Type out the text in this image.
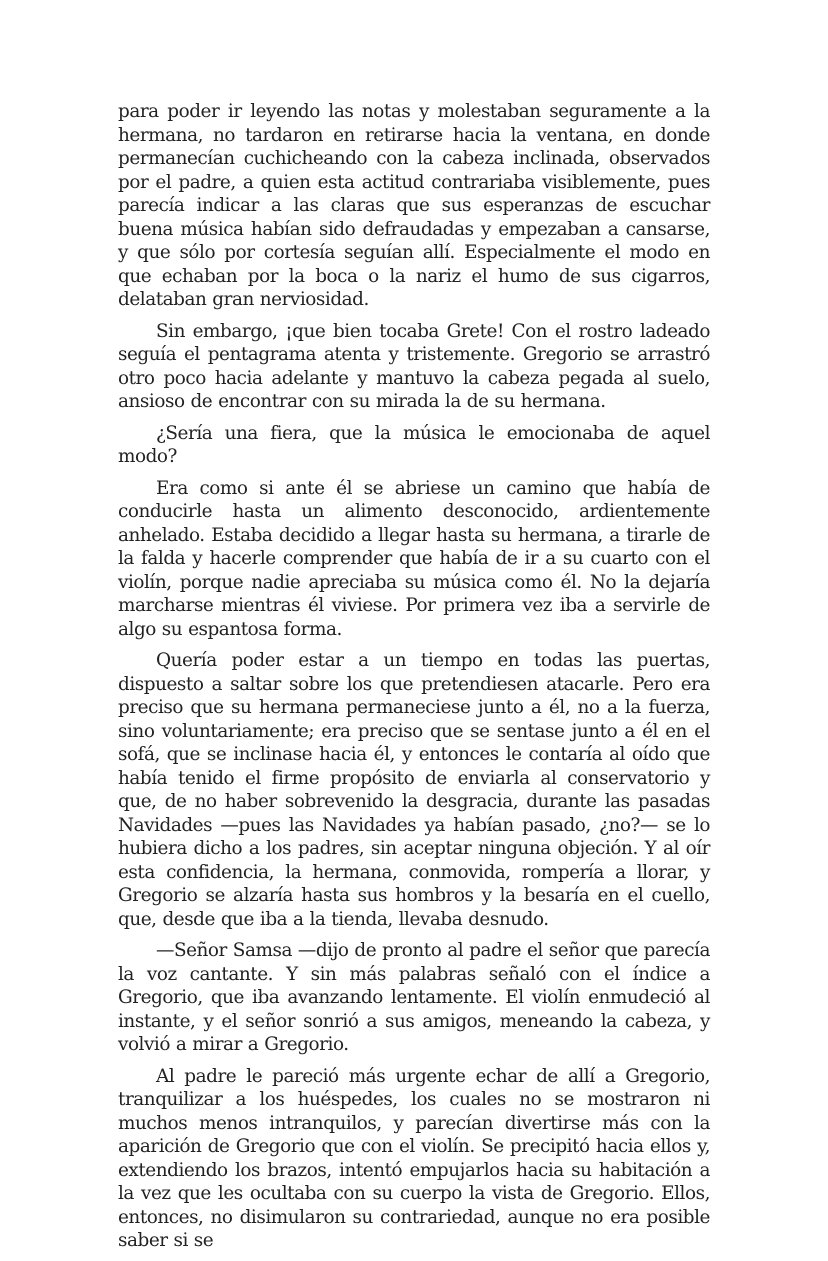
para poder ir leyendo las notas y molestaban seguramente a la hermana, no tardaron en retirarse hacia la ventana, en donde permanecían cuchicheando con la cabeza inclinada, observados por el padre, a quien esta actitud contrariaba visiblemente, pues parecía indicar a las claras que sus esperanzas de escuchar buena música habían sido defraudadas y empezaban a cansarse, y que sólo por cortesía seguían allí. Especialmente el modo en que echaban por la boca o la nariz el humo de sus cigarros, delataban gran nerviosidad.

Sin embargo, ¡que bien tocaba Grete! Con el rostro ladeado seguía el pentagrama atenta y tristemente. Gregorio se arrastró otro poco hacia adelante y mantuvo la cabeza pegada al suelo, ansioso de encontrar con su mirada la de su hermana.

¿Sería una fiera, que la música le emocionaba de aquel modo?

Era como si ante él se abriese un camino que había de conducirle hasta un alimento desconocido, ardientemente anhelado. Estaba decidido a llegar hasta su hermana, a tirarle de la falda y hacerle comprender que había de ir a su cuarto con el violín, porque nadie apreciaba su música como él. No la dejaría marcharse mientras él viviese. Por primera vez iba a servirle de algo su espantosa forma.

Quería poder estar a un tiempo en todas las puertas, dispuesto a saltar sobre los que pretendiesen atacarle. Pero era preciso que su hermana permaneciese junto a él, no a la fuerza, sino voluntariamente; era preciso que se sentase junto a él en el sofá, que se inclinase hacia él, y entonces le contaría al oído que había tenido el firme propósito de enviarla al conservatorio y que, de no haber sobrevenido la desgracia, durante las pasadas Navidades —pues las Navidades ya habían pasado, ¿no?— se lo hubiera dicho a los padres, sin aceptar ninguna objeción. Y al oír esta confidencia, la hermana, conmovida, rompería a llorar, y Gregorio se alzaría hasta sus hombros y la besaría en el cuello, que, desde que iba a la tienda, llevaba desnudo.

—Señor Samsa —dijo de pronto al padre el señor que parecía la voz cantante. Y sin más palabras señaló con el índice a Gregorio, que iba avanzando lentamente. El violín enmudeció al instante, y el señor sonrió a sus amigos, meneando la cabeza, y volvió a mirar a Gregorio.

Al padre le pareció más urgente echar de allí a Gregorio, tranquilizar a los huéspedes, los cuales no se mostraron ni muchos menos intranquilos, y parecían divertirse más con la aparición de Gregorio que con el violín. Se precipitó hacia ellos y, extendiendo los brazos, intentó empujarlos hacia su habitación a la vez que les ocultaba con su cuerpo la vista de Gregorio. Ellos, entonces, no disimularon su contrariedad, aunque no era posible saber si se
